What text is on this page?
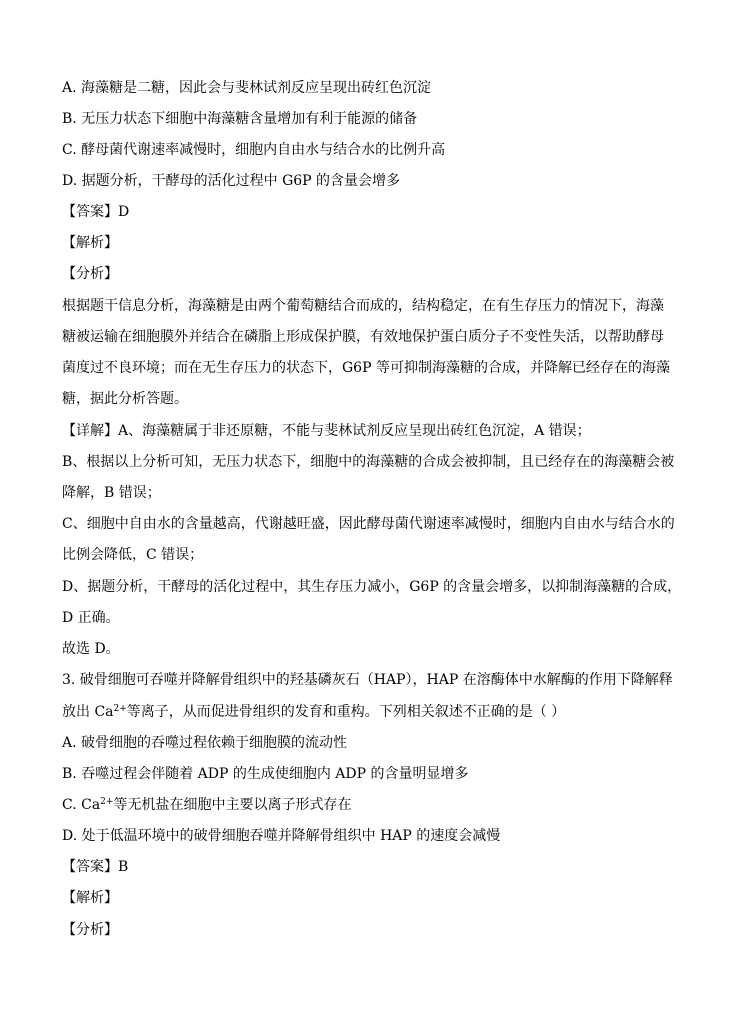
A. 海藻糖是二糖，因此会与斐林试剂反应呈现出砖红色沉淀
B. 无压力状态下细胞中海藻糖含量增加有利于能源的储备
C. 酵母菌代谢速率减慢时，细胞内自由水与结合水的比例升高
D. 据题分析，干酵母的活化过程中 G6P 的含量会增多
【答案】D
【解析】
【分析】
根据题干信息分析，海藻糖是由两个葡萄糖结合而成的，结构稳定，在有生存压力的情况下，海藻
糖被运输在细胞膜外并结合在磷脂上形成保护膜，有效地保护蛋白质分子不变性失活，以帮助酵母
菌度过不良环境；而在无生存压力的状态下，G6P 等可抑制海藻糖的合成，并降解已经存在的海藻
糖，据此分析答题。
【详解】A、海藻糖属于非还原糖，不能与斐林试剂反应呈现出砖红色沉淀，A 错误；
B、根据以上分析可知，无压力状态下，细胞中的海藻糖的合成会被抑制，且已经存在的海藻糖会被
降解，B 错误；
C、细胞中自由水的含量越高，代谢越旺盛，因此酵母菌代谢速率减慢时，细胞内自由水与结合水的
比例会降低，C 错误；
D、据题分析，干酵母的活化过程中，其生存压力减小，G6P 的含量会增多，以抑制海藻糖的合成，
D 正确。
故选 D。
3. 破骨细胞可吞噬并降解骨组织中的羟基磷灰石（HAP），HAP 在溶酶体中水解酶的作用下降解释
放出 $Ca^{2+}$等离子，从而促进骨组织的发育和重构。下列相关叙述不正确的是（ ）
A. 破骨细胞的吞噬过程依赖于细胞膜的流动性
B. 吞噬过程会伴随着 ADP 的生成使细胞内 ADP 的含量明显增多
C. $Ca^{2+}$等无机盐在细胞中主要以离子形式存在
D. 处于低温环境中的破骨细胞吞噬并降解骨组织中 HAP 的速度会减慢
【答案】B
【解析】
【分析】
